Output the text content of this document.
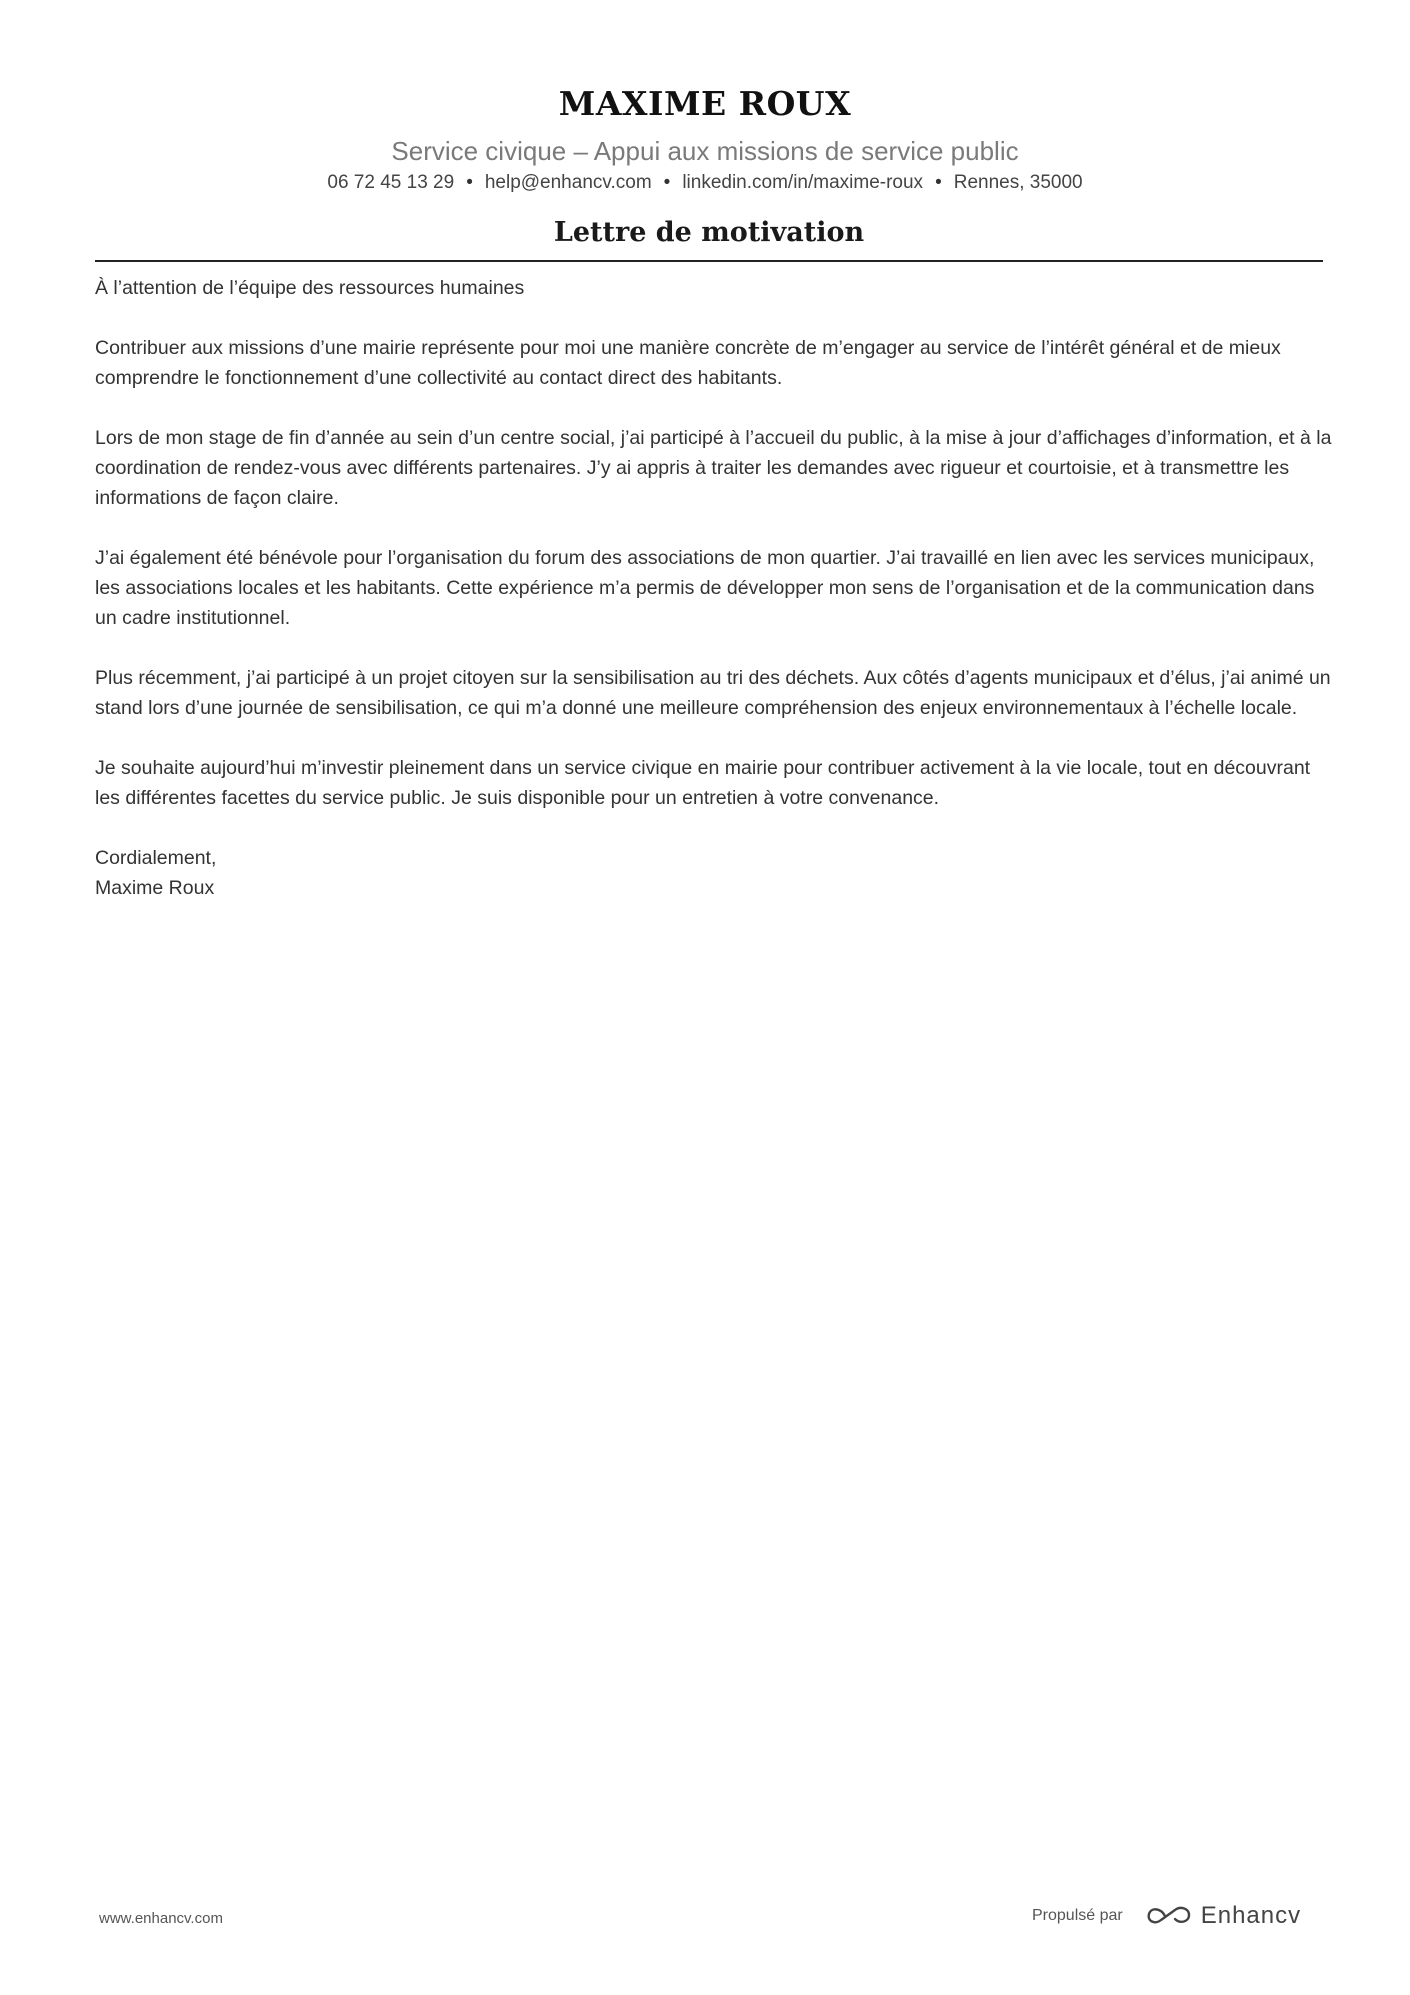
MAXIME ROUX
Service civique – Appui aux missions de service public
06 72 45 13 29 • help@enhancv.com • linkedin.com/in/maxime-roux • Rennes, 35000
Lettre de motivation

À l’attention de l’équipe des ressources humaines

Contribuer aux missions d’une mairie représente pour moi une manière concrète de m’engager au service de l’intérêt général et de mieux comprendre le fonctionnement d’une collectivité au contact direct des habitants.

Lors de mon stage de fin d’année au sein d’un centre social, j’ai participé à l’accueil du public, à la mise à jour d’affichages d’information, et à la coordination de rendez-vous avec différents partenaires. J’y ai appris à traiter les demandes avec rigueur et courtoisie, et à transmettre les informations de façon claire.

J’ai également été bénévole pour l’organisation du forum des associations de mon quartier. J’ai travaillé en lien avec les services municipaux, les associations locales et les habitants. Cette expérience m’a permis de développer mon sens de l’organisation et de la communication dans un cadre institutionnel.

Plus récemment, j’ai participé à un projet citoyen sur la sensibilisation au tri des déchets. Aux côtés d’agents municipaux et d’élus, j’ai animé un stand lors d’une journée de sensibilisation, ce qui m’a donné une meilleure compréhension des enjeux environnementaux à l’échelle locale.

Je souhaite aujourd’hui m’investir pleinement dans un service civique en mairie pour contribuer activement à la vie locale, tout en découvrant les différentes facettes du service public. Je suis disponible pour un entretien à votre convenance.

Cordialement,

Maxime Roux

www.enhancv.com	Propulsé par	Enhancv
